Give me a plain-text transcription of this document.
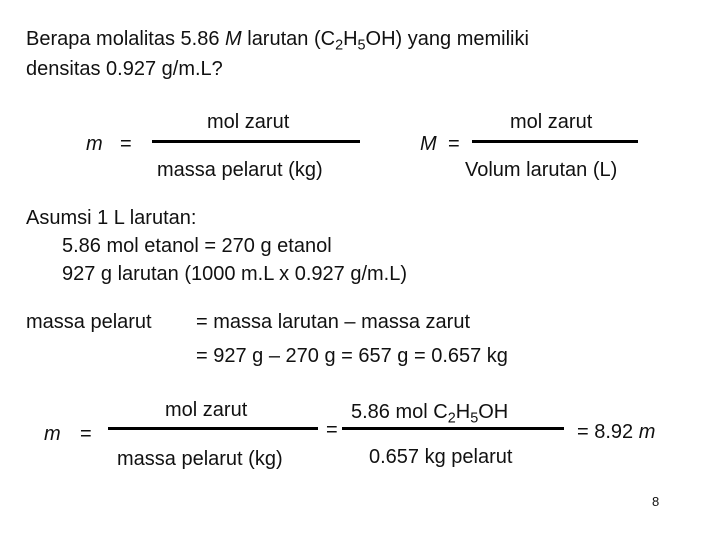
Berapa molalitas 5.86 M larutan $(C_2H_5OH)$ yang memiliki
densitas 0.927 g/m.L?
m =
mol zarut
massa pelarut (kg)
M =
mol zarut
Volum larutan (L)
Asumsi 1 L larutan:
5.86 mol etanol = 270 g etanol
927 g larutan (1000 m.L x 0.927 g/m.L)
massa pelarut = massa larutan – massa zarut
= 927 g – 270 g = 657 g = 0.657 kg
m =
mol zarut
massa pelarut (kg)
=
5.86 mol $C_2H_5OH$
0.657 kg pelarut
= 8.92 m
8
